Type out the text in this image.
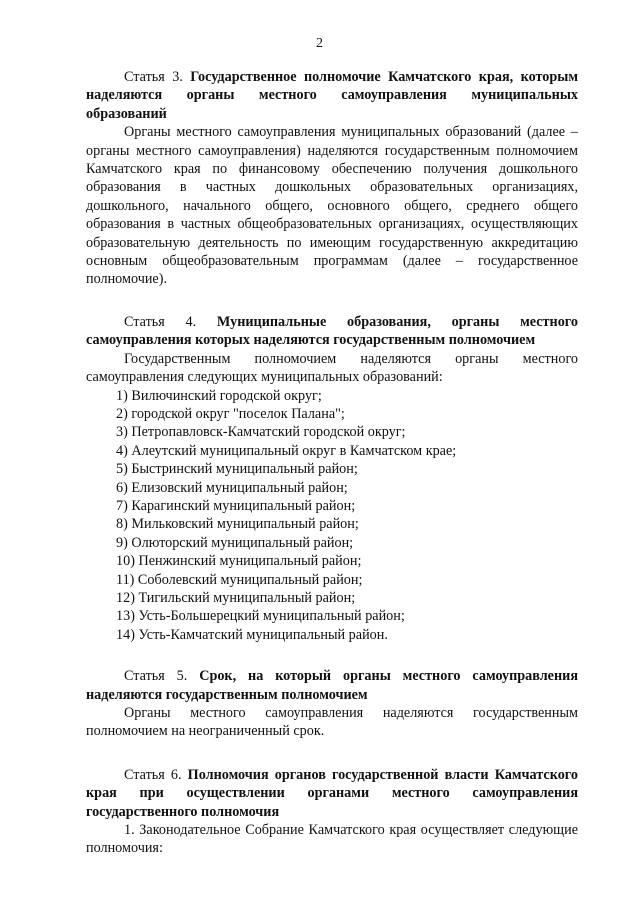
2

Статья 3. Государственное полномочие Камчатского края, которым наделяются органы местного самоуправления муниципальных образований

Органы местного самоуправления муниципальных образований (далее – органы местного самоуправления) наделяются государственным полномочием Камчатского края по финансовому обеспечению получения дошкольного образования в частных дошкольных образовательных организациях, дошкольного, начального общего, основного общего, среднего общего образования в частных общеобразовательных организациях, осуществляющих образовательную деятельность по имеющим государственную аккредитацию основным общеобразовательным программам (далее – государственное полномочие).

Статья 4. Муниципальные образования, органы местного самоуправления которых наделяются государственным полномочием

Государственным полномочием наделяются органы местного самоуправления следующих муниципальных образований:

1) Вилючинский городской округ;
2) городской округ "поселок Палана";
3) Петропавловск-Камчатский городской округ;
4) Алеутский муниципальный округ в Камчатском крае;
5) Быстринский муниципальный район;
6) Елизовский муниципальный район;
7) Карагинский муниципальный район;
8) Мильковский муниципальный район;
9) Олюторский муниципальный район;
10) Пенжинский муниципальный район;
11) Соболевский муниципальный район;
12) Тигильский муниципальный район;
13) Усть-Большерецкий муниципальный район;
14) Усть-Камчатский муниципальный район.

Статья 5. Срок, на который органы местного самоуправления наделяются государственным полномочием

Органы местного самоуправления наделяются государственным полномочием на неограниченный срок.

Статья 6. Полномочия органов государственной власти Камчатского края при осуществлении органами местного самоуправления государственного полномочия

1. Законодательное Собрание Камчатского края осуществляет следующие полномочия:
